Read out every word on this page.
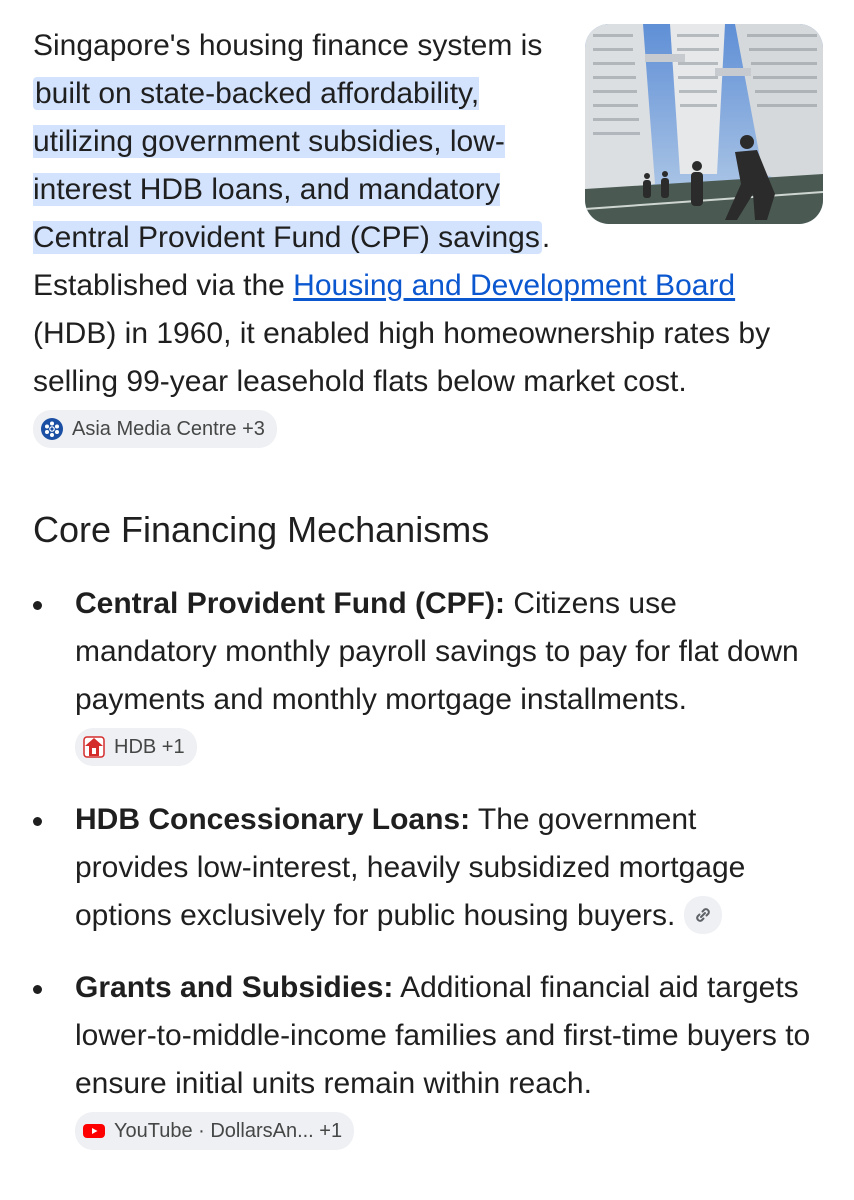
Singapore's housing finance system is built on state-backed affordability, utilizing government subsidies, low-interest HDB loans, and mandatory Central Provident Fund (CPF) savings. Established via the Housing and Development Board (HDB) in 1960, it enabled high homeownership rates by selling 99-year leasehold flats below market cost.
Asia Media Centre +3

Core Financing Mechanisms
Central Provident Fund (CPF): Citizens use mandatory monthly payroll savings to pay for flat down payments and monthly mortgage installments.
HDB +1
HDB Concessionary Loans: The government provides low-interest, heavily subsidized mortgage options exclusively for public housing buyers.
Grants and Subsidies: Additional financial aid targets lower-to-middle-income families and first-time buyers to ensure initial units remain within reach.
YouTube · DollarsAn... +1
